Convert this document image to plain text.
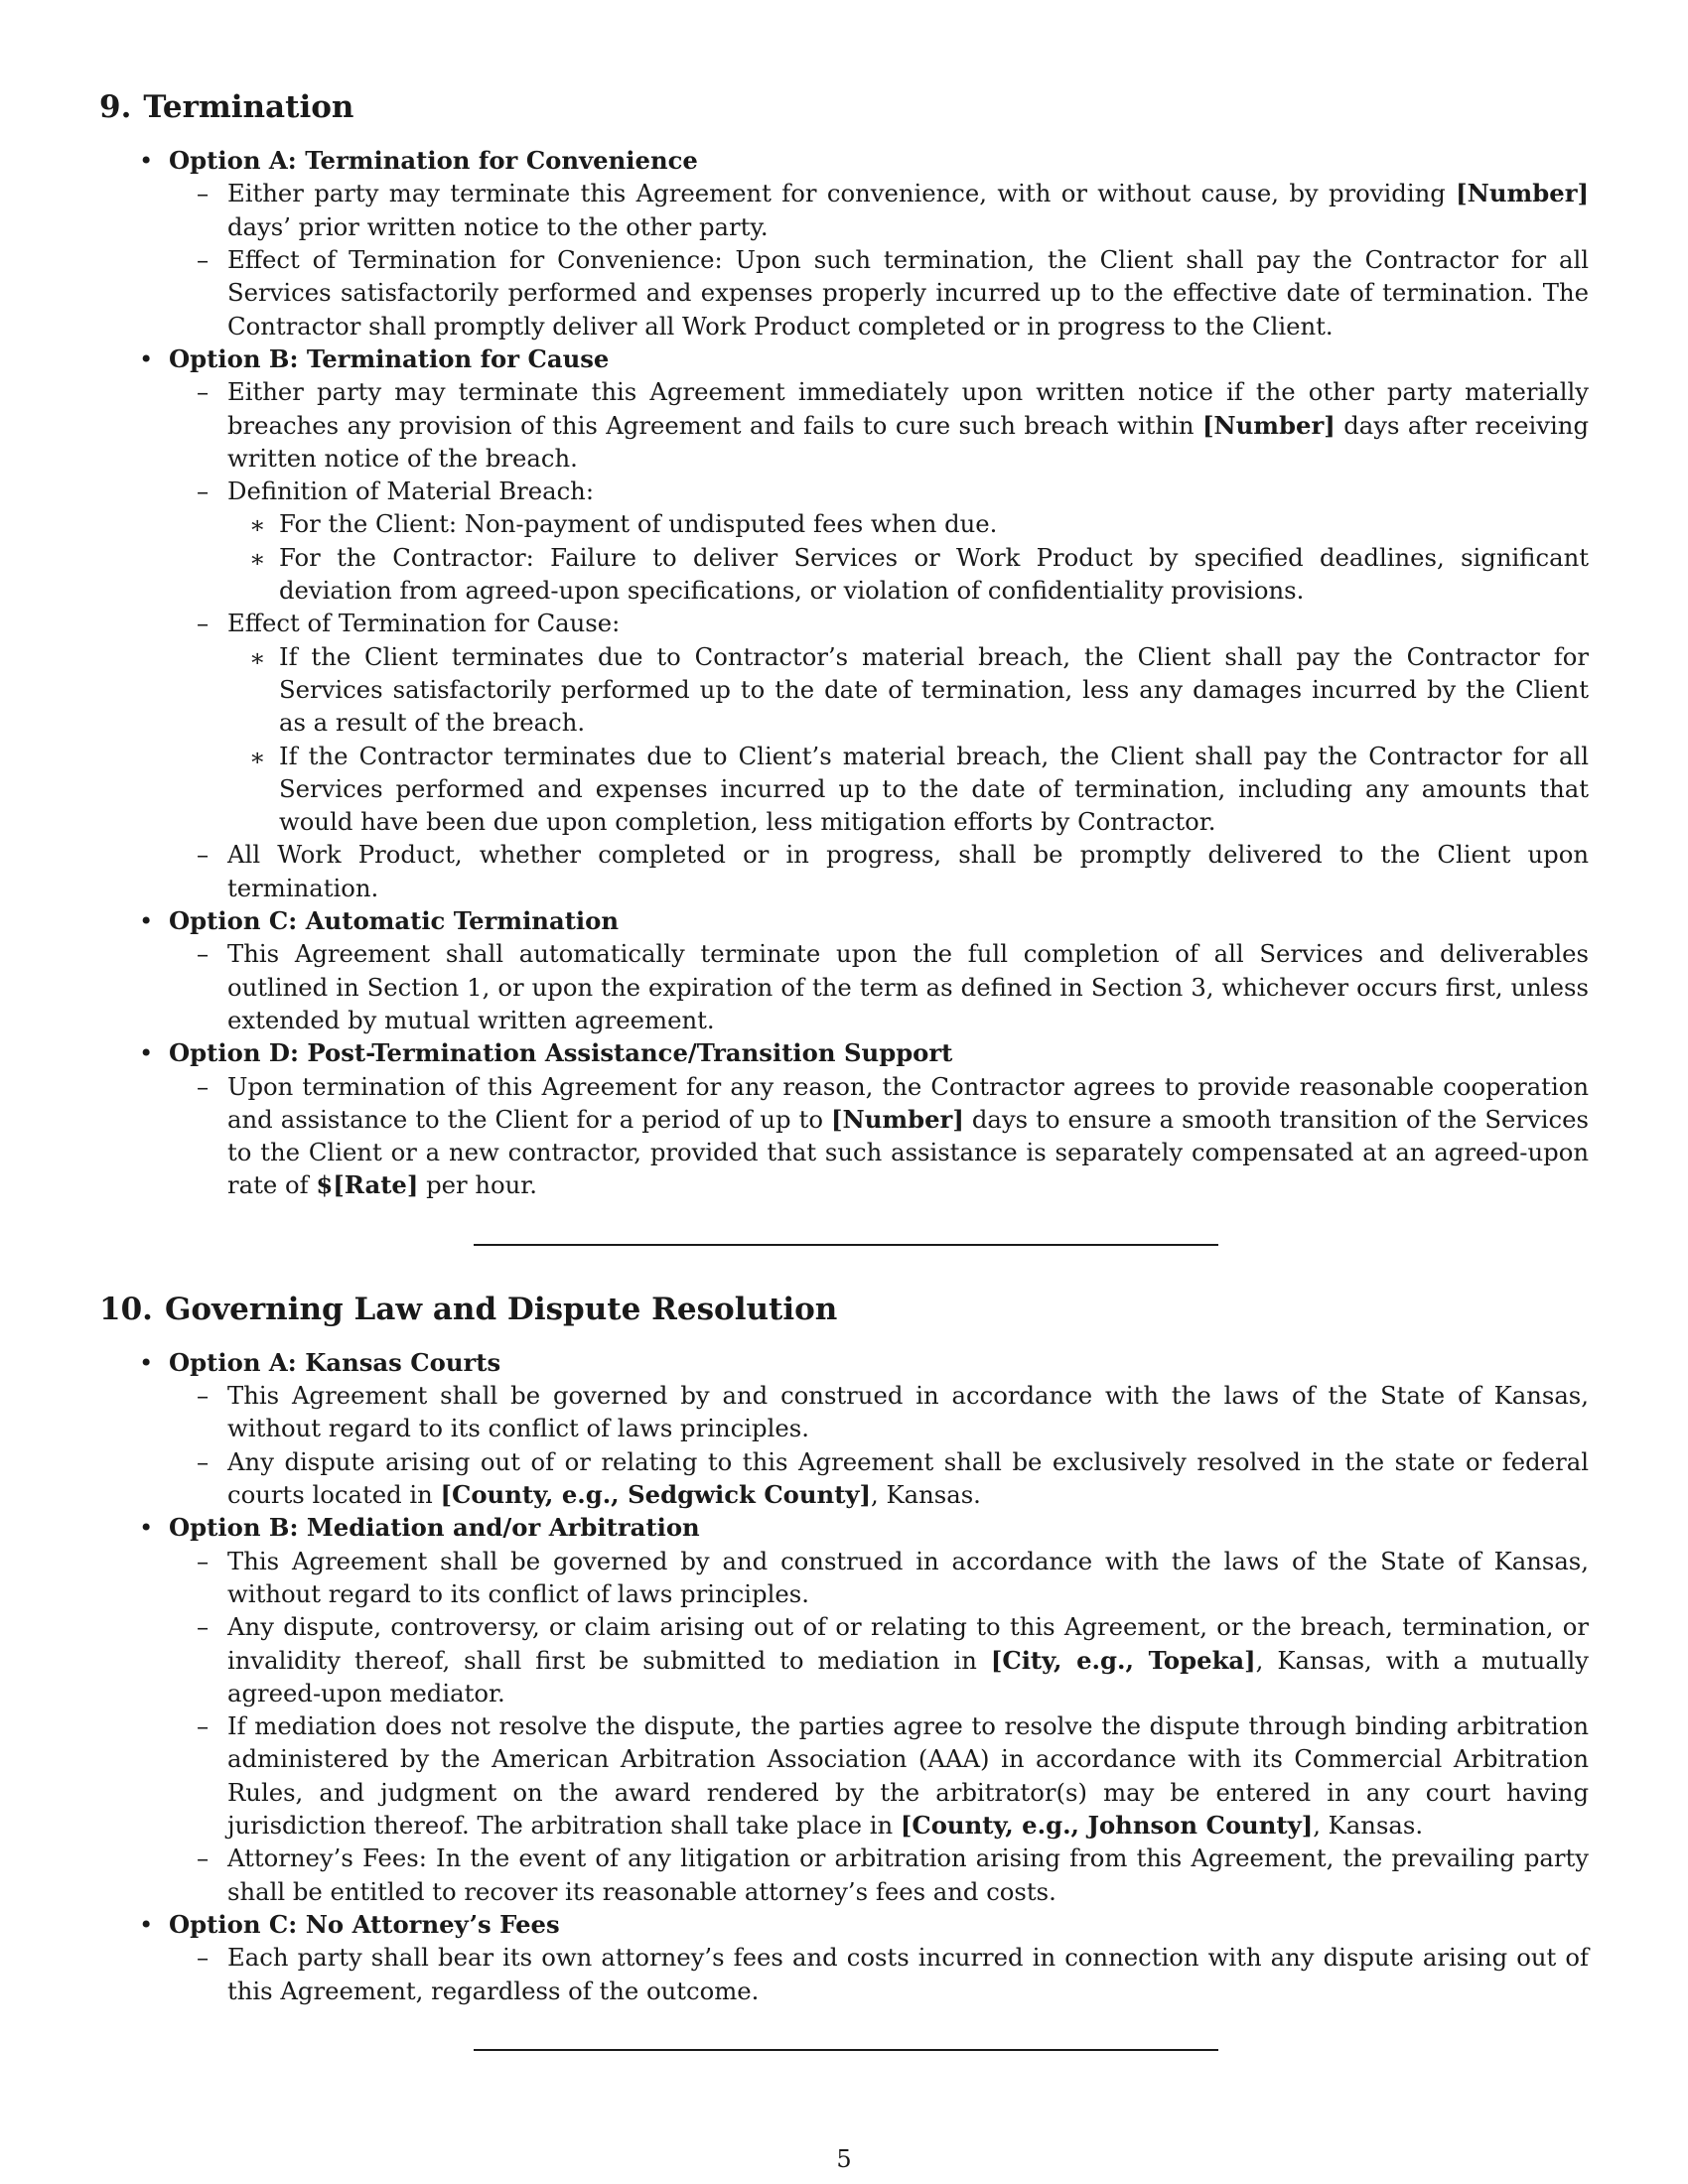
9. Termination
• Option A: Termination for Convenience
– Either party may terminate this Agreement for convenience, with or without cause, by providing [Number] days’ prior written notice to the other party.
– Effect of Termination for Convenience: Upon such termination, the Client shall pay the Contractor for all Services satisfactorily performed and expenses properly incurred up to the effective date of termination. The Contractor shall promptly deliver all Work Product completed or in progress to the Client.
• Option B: Termination for Cause
– Either party may terminate this Agreement immediately upon written notice if the other party materially breaches any provision of this Agreement and fails to cure such breach within [Number] days after receiving written notice of the breach.
– Definition of Material Breach:
∗ For the Client: Non-payment of undisputed fees when due.
∗ For the Contractor: Failure to deliver Services or Work Product by specified deadlines, significant deviation from agreed-upon specifications, or violation of confidentiality provisions.
– Effect of Termination for Cause:
∗ If the Client terminates due to Contractor’s material breach, the Client shall pay the Contractor for Services satisfactorily performed up to the date of termination, less any damages incurred by the Client as a result of the breach.
∗ If the Contractor terminates due to Client’s material breach, the Client shall pay the Contractor for all Services performed and expenses incurred up to the date of termination, including any amounts that would have been due upon completion, less mitigation efforts by Contractor.
– All Work Product, whether completed or in progress, shall be promptly delivered to the Client upon termination.
• Option C: Automatic Termination
– This Agreement shall automatically terminate upon the full completion of all Services and deliverables outlined in Section 1, or upon the expiration of the term as defined in Section 3, whichever occurs first, unless extended by mutual written agreement.
• Option D: Post-Termination Assistance/Transition Support
– Upon termination of this Agreement for any reason, the Contractor agrees to provide reasonable cooperation and assistance to the Client for a period of up to [Number] days to ensure a smooth transition of the Services to the Client or a new contractor, provided that such assistance is separately compensated at an agreed-upon rate of $[Rate] per hour.
10. Governing Law and Dispute Resolution
• Option A: Kansas Courts
– This Agreement shall be governed by and construed in accordance with the laws of the State of Kansas, without regard to its conflict of laws principles.
– Any dispute arising out of or relating to this Agreement shall be exclusively resolved in the state or federal courts located in [County, e.g., Sedgwick County], Kansas.
• Option B: Mediation and/or Arbitration
– This Agreement shall be governed by and construed in accordance with the laws of the State of Kansas, without regard to its conflict of laws principles.
– Any dispute, controversy, or claim arising out of or relating to this Agreement, or the breach, termination, or invalidity thereof, shall first be submitted to mediation in [City, e.g., Topeka], Kansas, with a mutually agreed-upon mediator.
– If mediation does not resolve the dispute, the parties agree to resolve the dispute through binding arbitration administered by the American Arbitration Association (AAA) in accordance with its Commercial Arbitration Rules, and judgment on the award rendered by the arbitrator(s) may be entered in any court having jurisdiction thereof. The arbitration shall take place in [County, e.g., Johnson County], Kansas.
– Attorney’s Fees: In the event of any litigation or arbitration arising from this Agreement, the prevailing party shall be entitled to recover its reasonable attorney’s fees and costs.
• Option C: No Attorney’s Fees
– Each party shall bear its own attorney’s fees and costs incurred in connection with any dispute arising out of this Agreement, regardless of the outcome.
5
